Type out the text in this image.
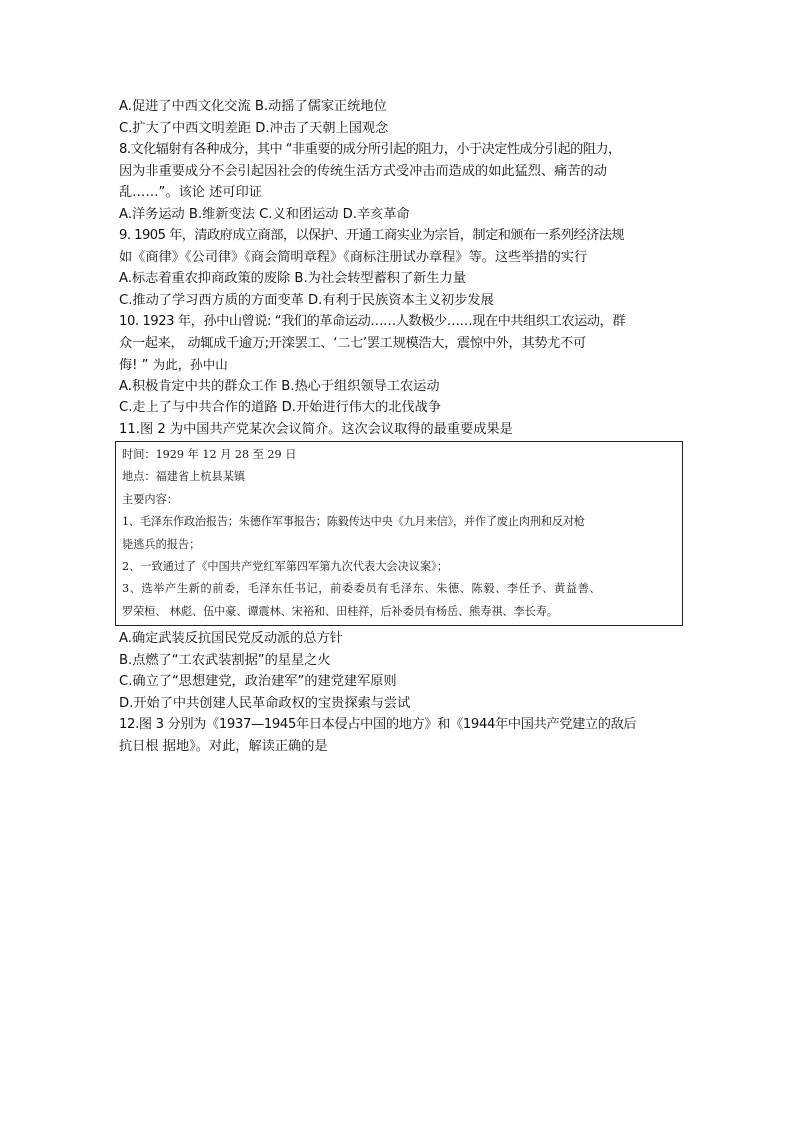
A.促进了中西文化交流 B.动摇了儒家正统地位
C.扩大了中西文明差距 D.冲击了天朝上国观念
8.文化辐射有各种成分，其中 “非重要的成分所引起的阻力，小于决定性成分引起的阻力，
因为非重要成分不会引起因社会的传统生活方式受冲击而造成的如此猛烈、痛苦的动
乱……”。该论 述可印证
A.洋务运动 B.维新变法 C.义和团运动 D.辛亥革命
9. 1905 年，清政府成立商部，以保护、开通工商实业为宗旨，制定和颁布一系列经济法规
如《商律》《公司律》《商会简明章程》《商标注册试办章程》等。这些举措的实行
A.标志着重农抑商政策的废除 B.为社会转型蓄积了新生力量
C.推动了学习西方质的方面变革 D.有利于民族资本主义初步发展
10. 1923 年，孙中山曾说: “我们的革命运动……人数极少……现在中共组织工农运动，群
众一起来， 动辄成千逾万;开滦罢工、‘二七’罢工规模浩大，震惊中外，其势尤不可
侮! ” 为此，孙中山
A.积极肯定中共的群众工作 B.热心于组织领导工农运动
C.走上了与中共合作的道路 D.开始进行伟大的北伐战争
11.图 2 为中国共产党某次会议简介。这次会议取得的最重要成果是
时间：1929 年 12 月 28 至 29 日
地点：福建省上杭县某镇
主要内容：
1、毛泽东作政治报告；朱德作军事报告；陈毅传达中央《九月来信》，并作了废止肉刑和反对枪
毙逃兵的报告；
2、一致通过了《中国共产党红军第四军第九次代表大会决议案》；
3、选举产生新的前委，毛泽东任书记，前委委员有毛泽东、朱德、陈毅、李任予、黄益善、
罗荣桓、 林彪、伍中豪、谭震林、宋裕和、田桂祥，后补委员有杨岳、熊寿祺、李长寿。
A.确定武装反抗国民党反动派的总方针
B.点燃了“工农武装割据”的星星之火
C.确立了“思想建党，政治建军”的建党建军原则
D.开始了中共创建人民革命政权的宝贵探索与尝试
12.图 3 分别为《1937—1945年日本侵占中国的地方》和《1944年中国共产党建立的敌后
抗日根 据地》。对此，解读正确的是
